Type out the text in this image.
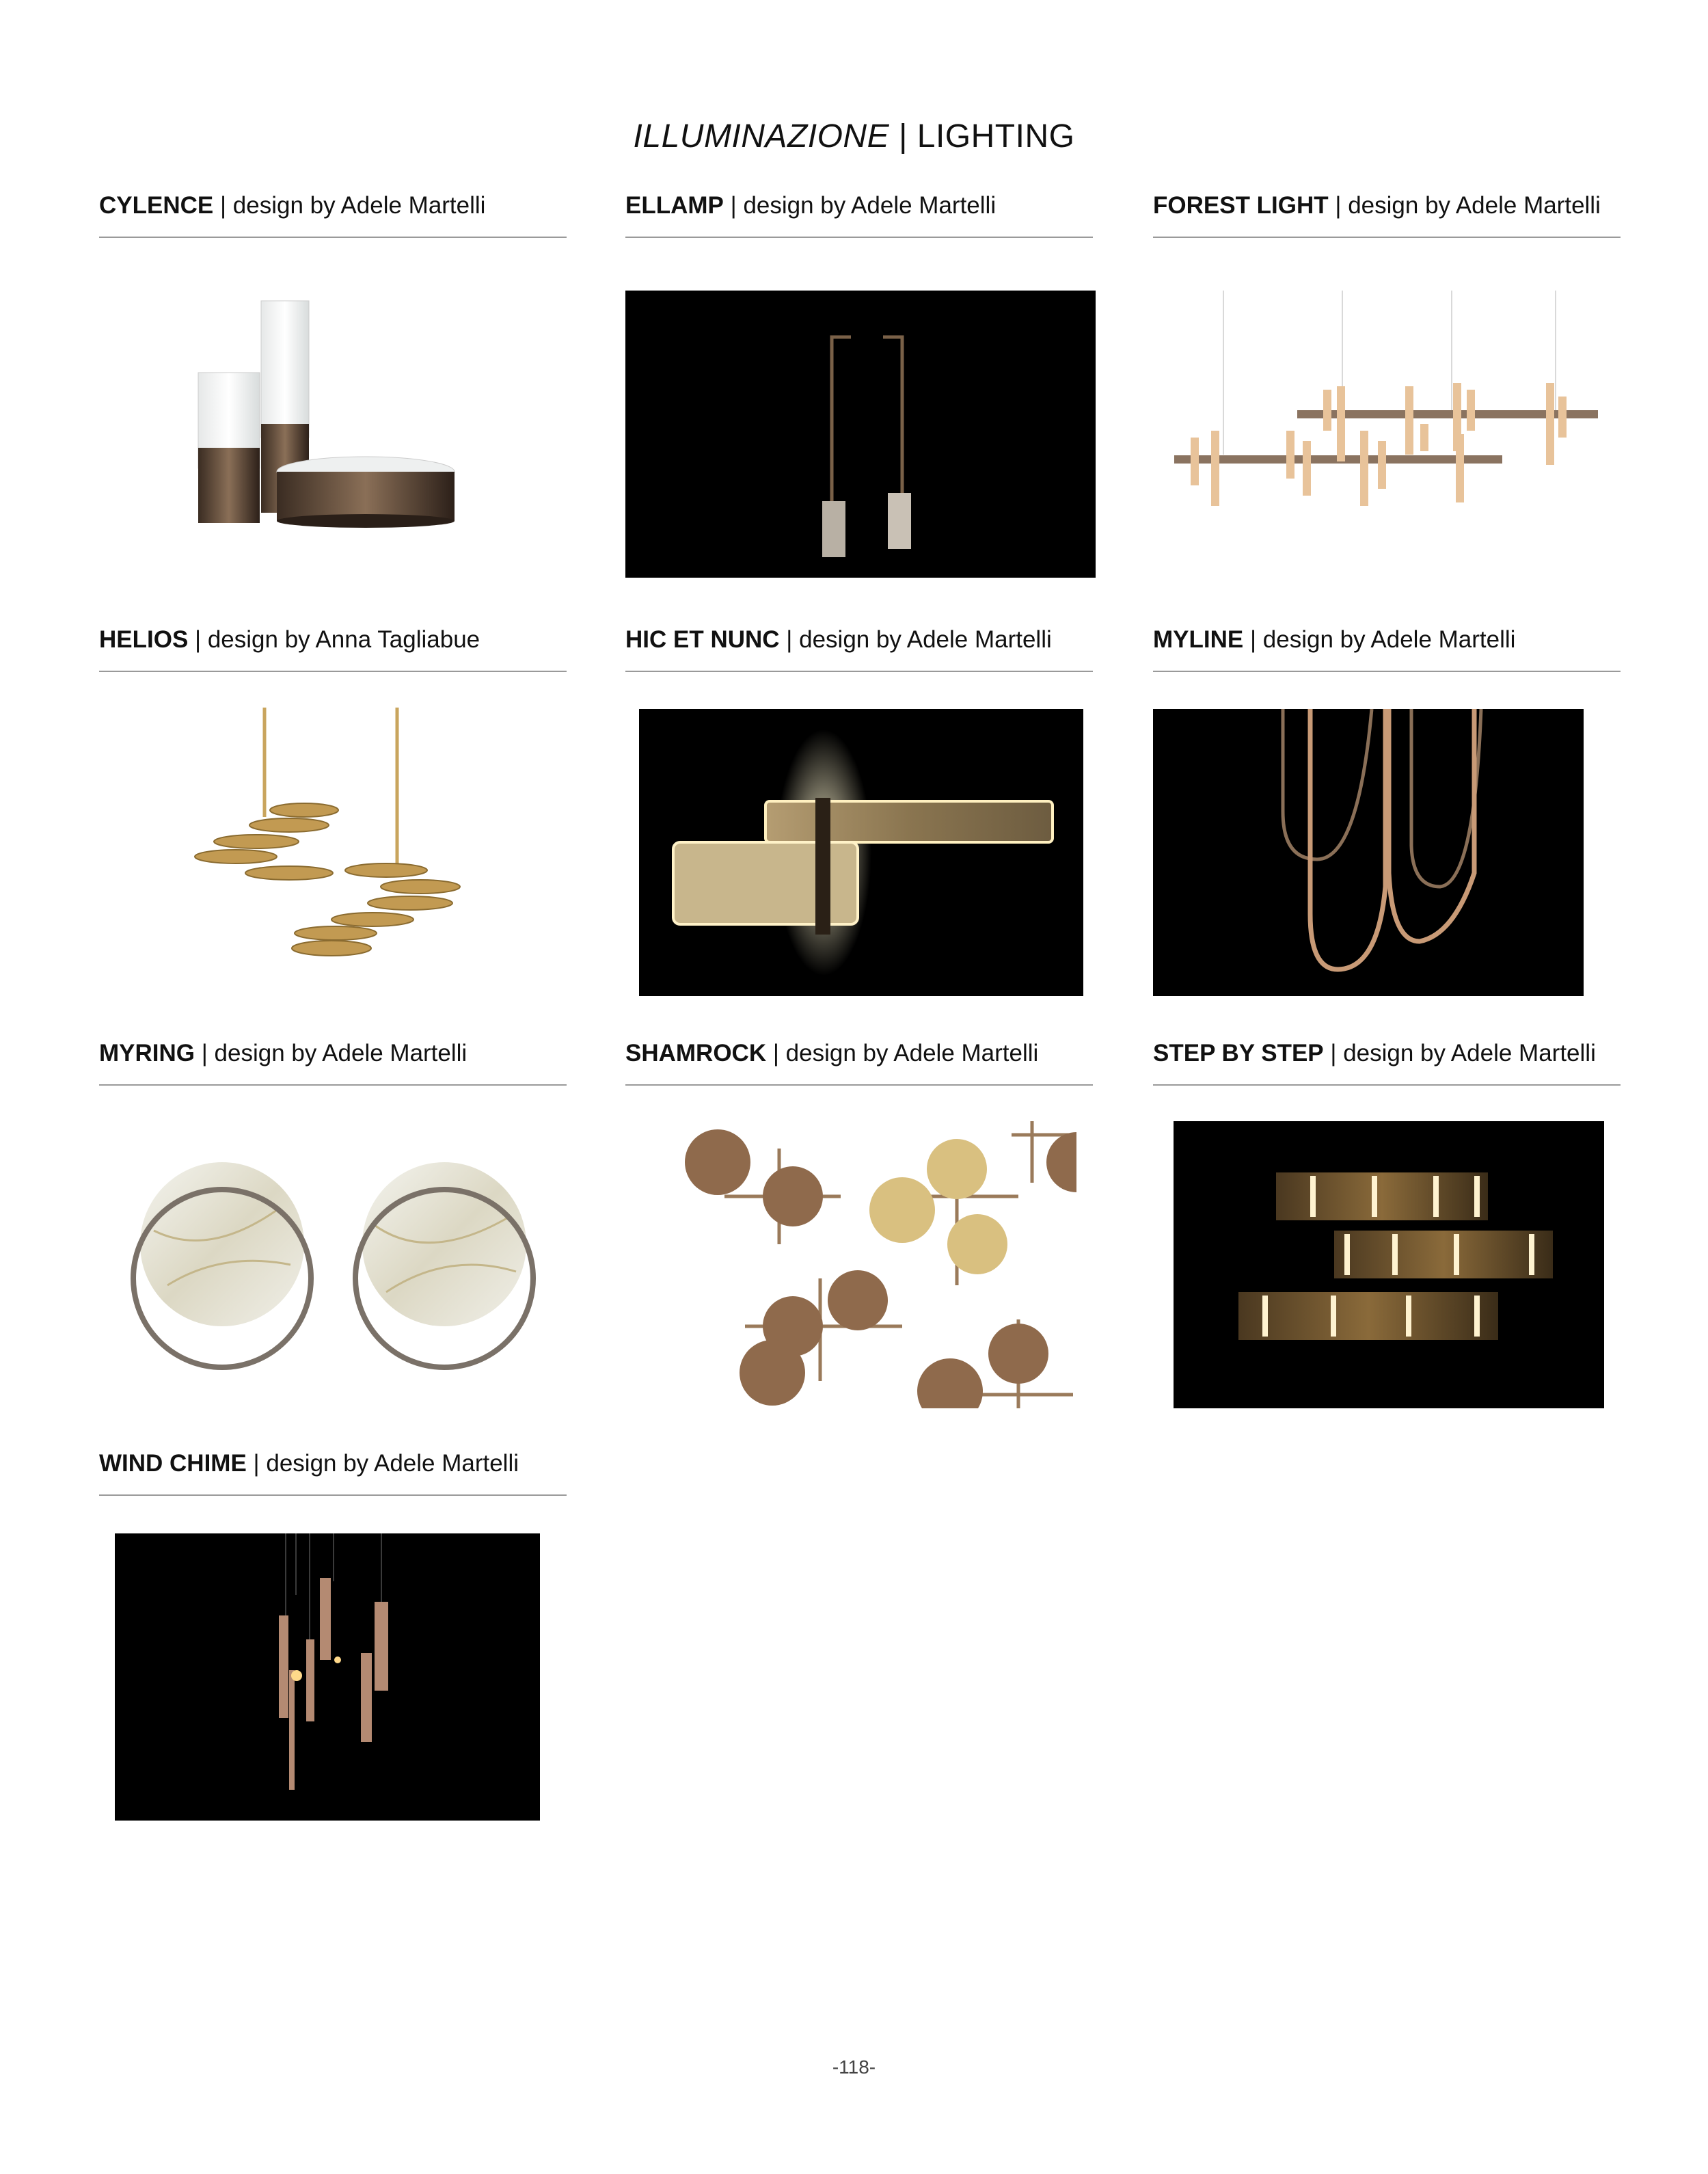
ILLUMINAZIONE | LIGHTING
CYLENCE | design by Adele Martelli	ELLAMP | design by Adele Martelli	FOREST LIGHT | design by Adele Martelli
HELIOS | design by Anna Tagliabue	HIC ET NUNC | design by Adele Martelli	MYLINE | design by Adele Martelli
MYRING | design by Adele Martelli	SHAMROCK | design by Adele Martelli	STEP BY STEP | design by Adele Martelli
WIND CHIME | design by Adele Martelli
-118-
